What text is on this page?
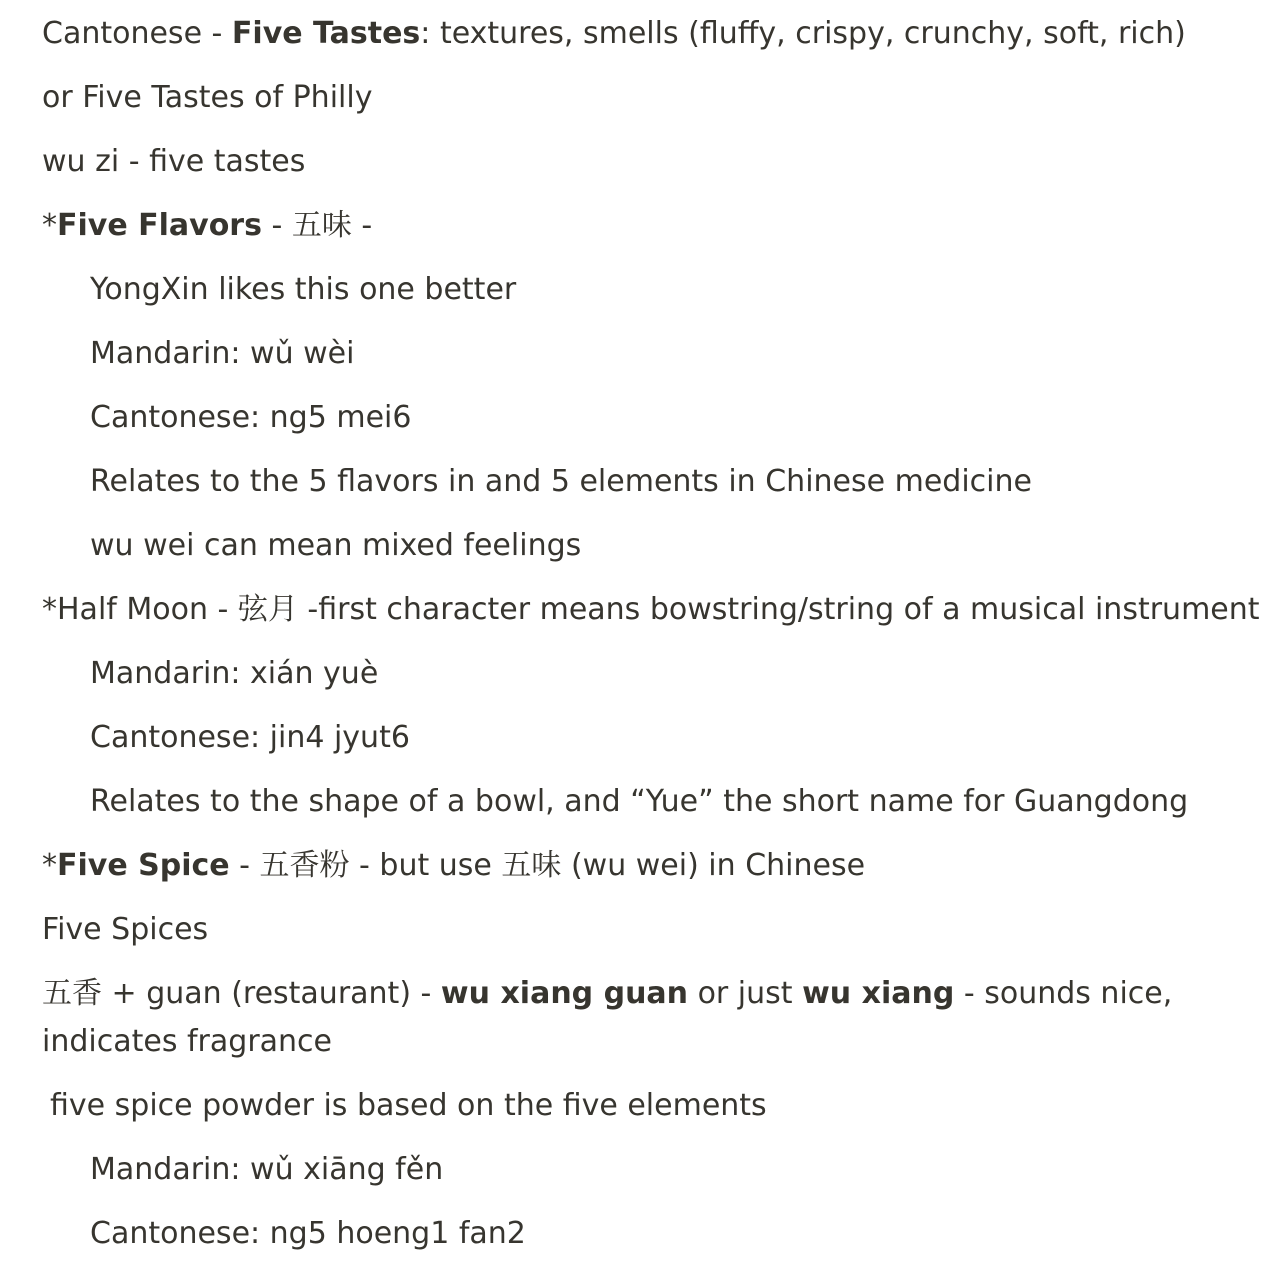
Cantonese - Five Tastes: textures, smells (fluffy, crispy, crunchy, soft, rich)
or Five Tastes of Philly
wu zi - five tastes
*Five Flavors - 五味 -
YongXin likes this one better
Mandarin: wǔ wèi
Cantonese: ng5 mei6
Relates to the 5 flavors in and 5 elements in Chinese medicine
wu wei can mean mixed feelings
*Half Moon - 弦月 -first character means bowstring/string of a musical instrument
Mandarin: xián yuè
Cantonese: jin4 jyut6
Relates to the shape of a bowl, and “Yue” the short name for Guangdong
*Five Spice - 五香粉 - but use 五味 (wu wei) in Chinese
Five Spices
五香 + guan (restaurant) - wu xiang guan or just wu xiang - sounds nice, indicates fragrance
five spice powder is based on the five elements
Mandarin: wǔ xiāng fěn
Cantonese: ng5 hoeng1 fan2
